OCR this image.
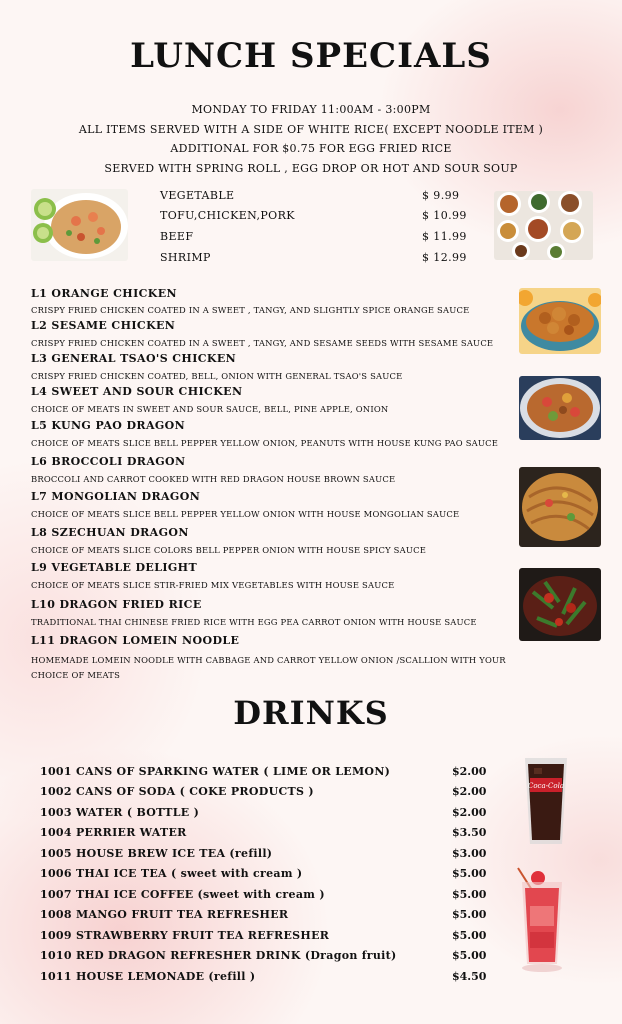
LUNCH SPECIALS
MONDAY TO FRIDAY 11:00AM - 3:00PM
ALL ITEMS SERVED WITH A SIDE OF WHITE RICE( EXCEPT NOODLE ITEM )
ADDITIONAL FOR $0.75 FOR EGG FRIED RICE
SERVED WITH SPRING ROLL , EGG DROP OR HOT AND SOUR SOUP
VEGETABLE	$ 9.99
TOFU,CHICKEN,PORK	$ 10.99
BEEF	$ 11.99
SHRIMP	$ 12.99
L1 ORANGE CHICKEN
CRISPY FRIED CHICKEN COATED IN A SWEET , TANGY, AND SLIGHTLY SPICE ORANGE SAUCE
L2 SESAME CHICKEN
CRISPY FRIED CHICKEN COATED IN A SWEET , TANGY, AND SESAME SEEDS WITH SESAME SAUCE
L3 GENERAL TSAO'S CHICKEN
CRISPY FRIED CHICKEN COATED, BELL, ONION WITH GENERAL TSAO'S SAUCE
L4 SWEET AND SOUR CHICKEN
CHOICE OF MEATS IN SWEET AND SOUR SAUCE, BELL, PINE APPLE, ONION
L5 KUNG PAO DRAGON
CHOICE OF MEATS SLICE BELL PEPPER YELLOW ONION, PEANUTS WITH HOUSE KUNG PAO SAUCE
L6 BROCCOLI DRAGON
BROCCOLI AND CARROT COOKED WITH RED DRAGON HOUSE BROWN SAUCE
L7 MONGOLIAN DRAGON
CHOICE OF MEATS SLICE BELL PEPPER YELLOW ONION WITH HOUSE MONGOLIAN SAUCE
L8 SZECHUAN DRAGON
CHOICE OF MEATS SLICE COLORS BELL PEPPER ONION WITH HOUSE SPICY SAUCE
L9 VEGETABLE DELIGHT
CHOICE OF MEATS SLICE STIR-FRIED MIX VEGETABLES WITH HOUSE SAUCE
L10 DRAGON FRIED RICE
TRADITIONAL THAI CHINESE FRIED RICE WITH EGG PEA CARROT ONION WITH HOUSE SAUCE
L11 DRAGON LOMEIN NOODLE
HOMEMADE LOMEIN NOODLE WITH CABBAGE AND CARROT YELLOW ONION /SCALLION WITH YOUR CHOICE OF MEATS
DRINKS
1001 CANS OF SPARKING WATER ( LIME OR LEMON)	$2.00
1002 CANS OF SODA ( COKE PRODUCTS )	$2.00
1003 WATER ( BOTTLE )	$2.00
1004 PERRIER WATER	$3.50
1005 HOUSE BREW ICE TEA (refill)	$3.00
1006 THAI ICE TEA ( sweet with cream )	$5.00
1007 THAI ICE COFFEE (sweet with cream )	$5.00
1008 MANGO FRUIT TEA REFRESHER	$5.00
1009 STRAWBERRY FRUIT TEA REFRESHER	$5.00
1010 RED DRAGON REFRESHER DRINK (Dragon fruit)	$5.00
1011 HOUSE LEMONADE (refill )	$4.50
Coca-Cola
